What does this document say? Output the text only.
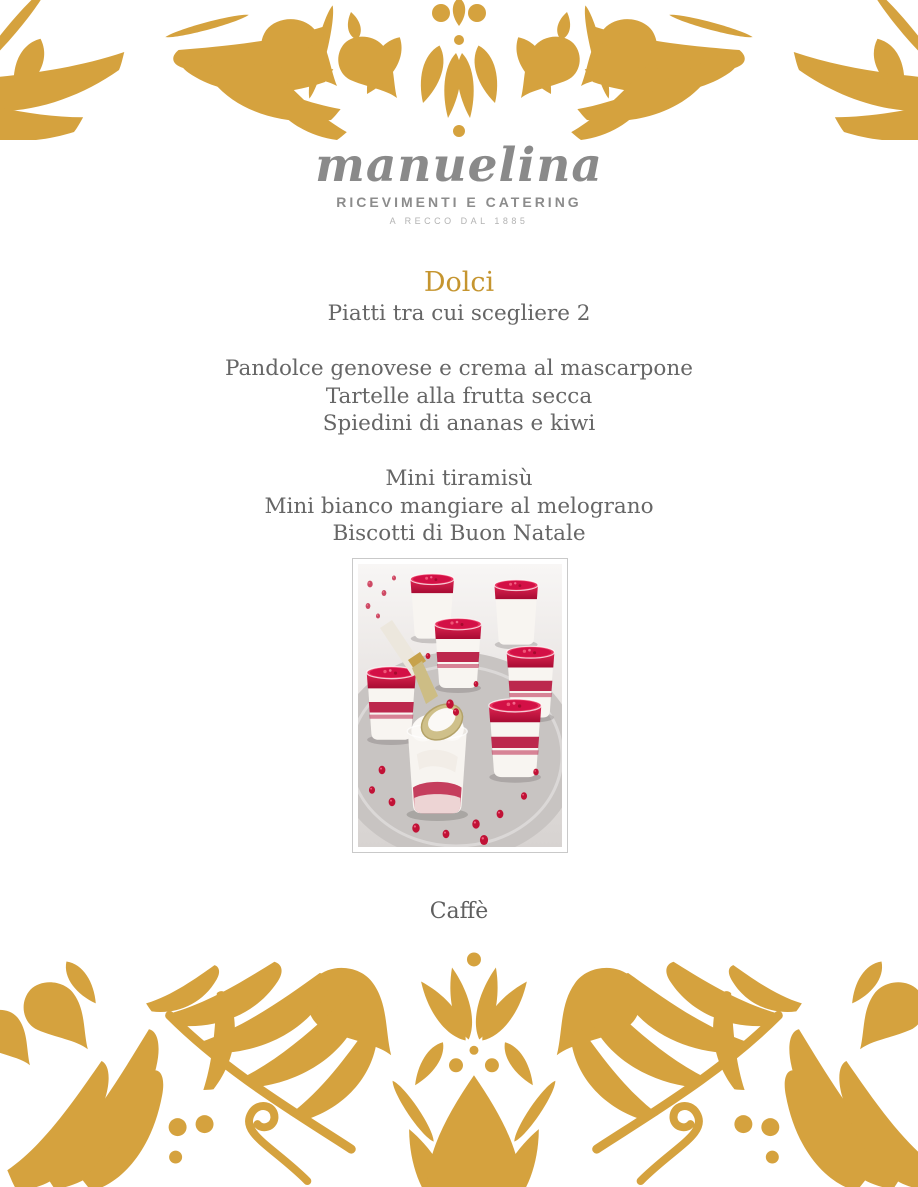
manuelina
RICEVIMENTI E CATERING
A RECCO DAL 1885
Dolci
Piatti tra cui scegliere 2
Pandolce genovese e crema al mascarpone
Tartelle alla frutta secca
Spiedini di ananas e kiwi
Mini tiramisù
Mini bianco mangiare al melograno
Biscotti di Buon Natale
Caffè
